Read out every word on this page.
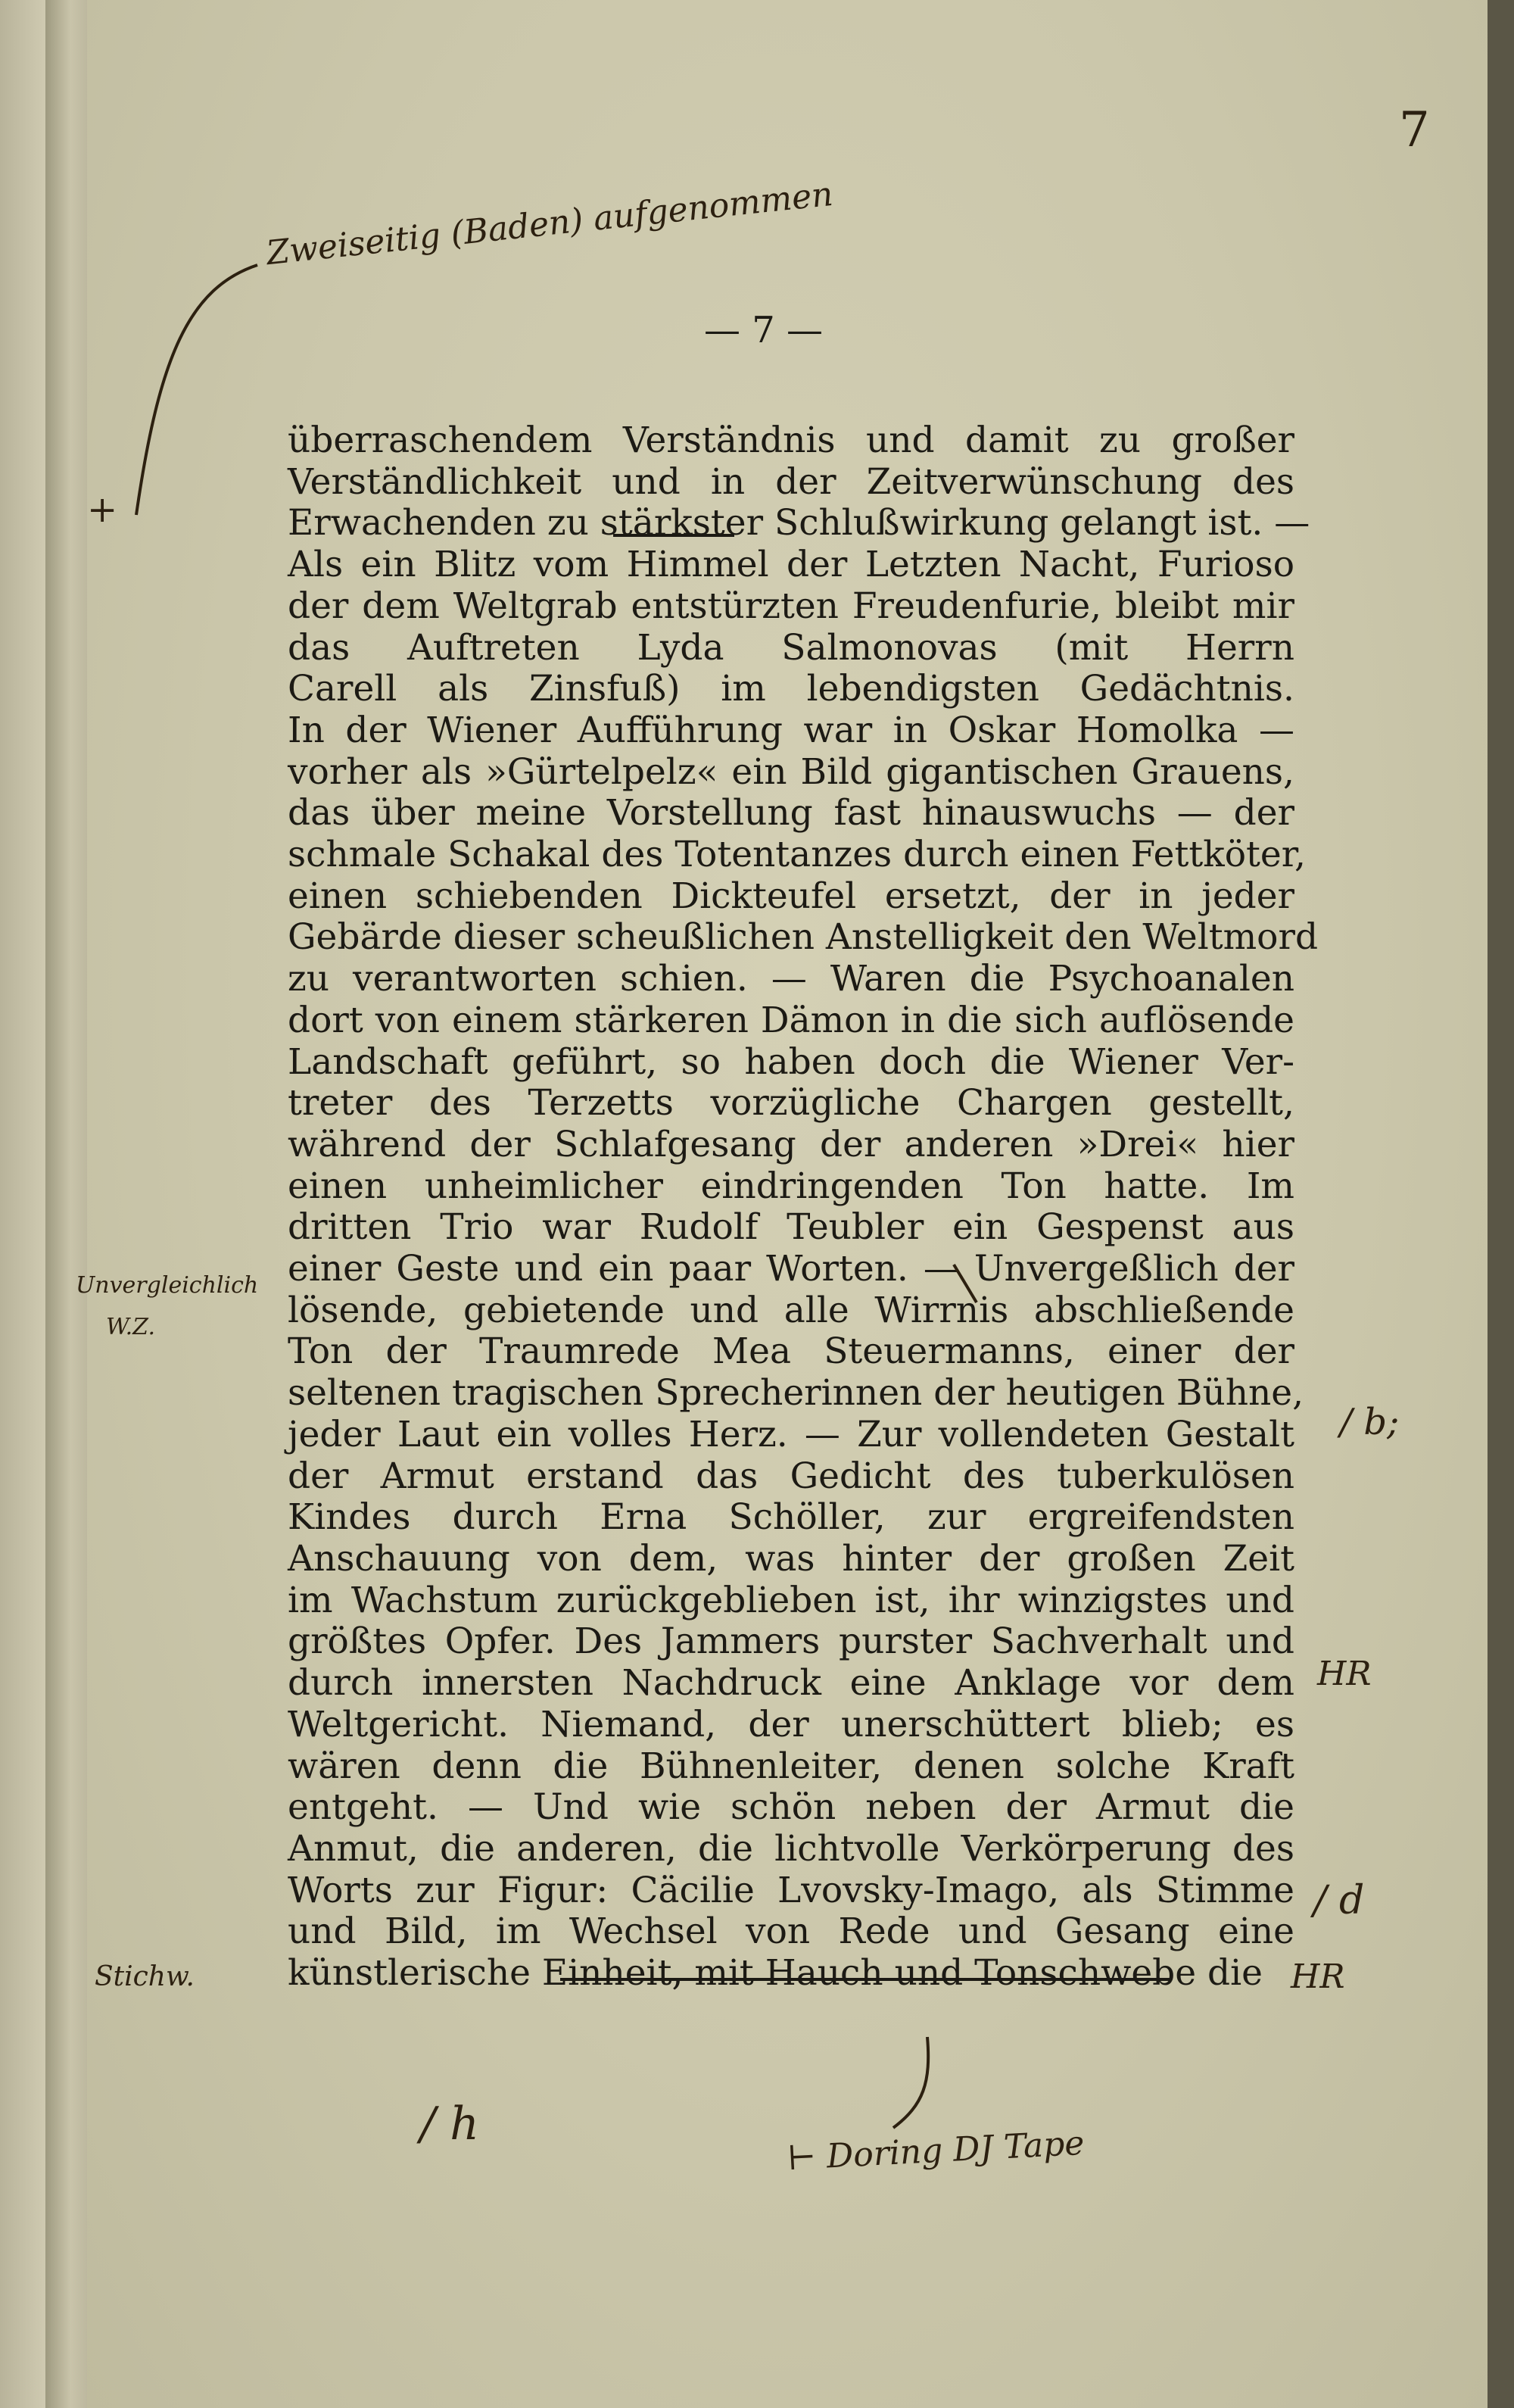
7
— 7 —
überraschendem Verständnis und damit zu großer
Verständlichkeit und in der Zeitverwünschung des
Erwachenden zu stärkster Schlußwirkung gelangt ist. —
Als ein Blitz vom Himmel der Letzten Nacht, Furioso
der dem Weltgrab entstürzten Freudenfurie, bleibt mir
das Auftreten Lyda Salmonovas (mit Herrn
Carell als Zinsfuß) im lebendigsten Gedächtnis.
In der Wiener Aufführung war in Oskar Homolka —
vorher als »Gürtelpelz« ein Bild gigantischen Grauens,
das über meine Vorstellung fast hinauswuchs — der
schmale Schakal des Totentanzes durch einen Fettköter,
einen schiebenden Dickteufel ersetzt, der in jeder
Gebärde dieser scheußlichen Anstelligkeit den Weltmord
zu verantworten schien. — Waren die Psychoanalen
dort von einem stärkeren Dämon in die sich auflösende
Landschaft geführt, so haben doch die Wiener Ver-
treter des Terzetts vorzügliche Chargen gestellt,
während der Schlafgesang der anderen »Drei« hier
einen unheimlicher eindringenden Ton hatte. Im
dritten Trio war Rudolf Teubler ein Gespenst aus
einer Geste und ein paar Worten. — Unvergeßlich der
lösende, gebietende und alle Wirrnis abschließende
Ton der Traumrede Mea Steuermanns, einer der
seltenen tragischen Sprecherinnen der heutigen Bühne,
jeder Laut ein volles Herz. — Zur vollendeten Gestalt
der Armut erstand das Gedicht des tuberkulösen
Kindes durch Erna Schöller, zur ergreifendsten
Anschauung von dem, was hinter der großen Zeit
im Wachstum zurückgeblieben ist, ihr winzigstes und
größtes Opfer. Des Jammers purster Sachverhalt und
durch innersten Nachdruck eine Anklage vor dem
Weltgericht. Niemand, der unerschüttert blieb; es
wären denn die Bühnenleiter, denen solche Kraft
entgeht. — Und wie schön neben der Armut die
Anmut, die anderen, die lichtvolle Verkörperung des
Worts zur Figur: Cäcilie Lvovsky-Imago, als Stimme
und Bild, im Wechsel von Rede und Gesang eine
künstlerische Einheit, mit Hauch und Tonschwebe die
Zweiseitig (Baden) aufgenommen
+
Unvergleichlich
W.Z.
Stichw.
/ b;
HR
/ d
HR
/ h	⊢ Doring DJ Tape
